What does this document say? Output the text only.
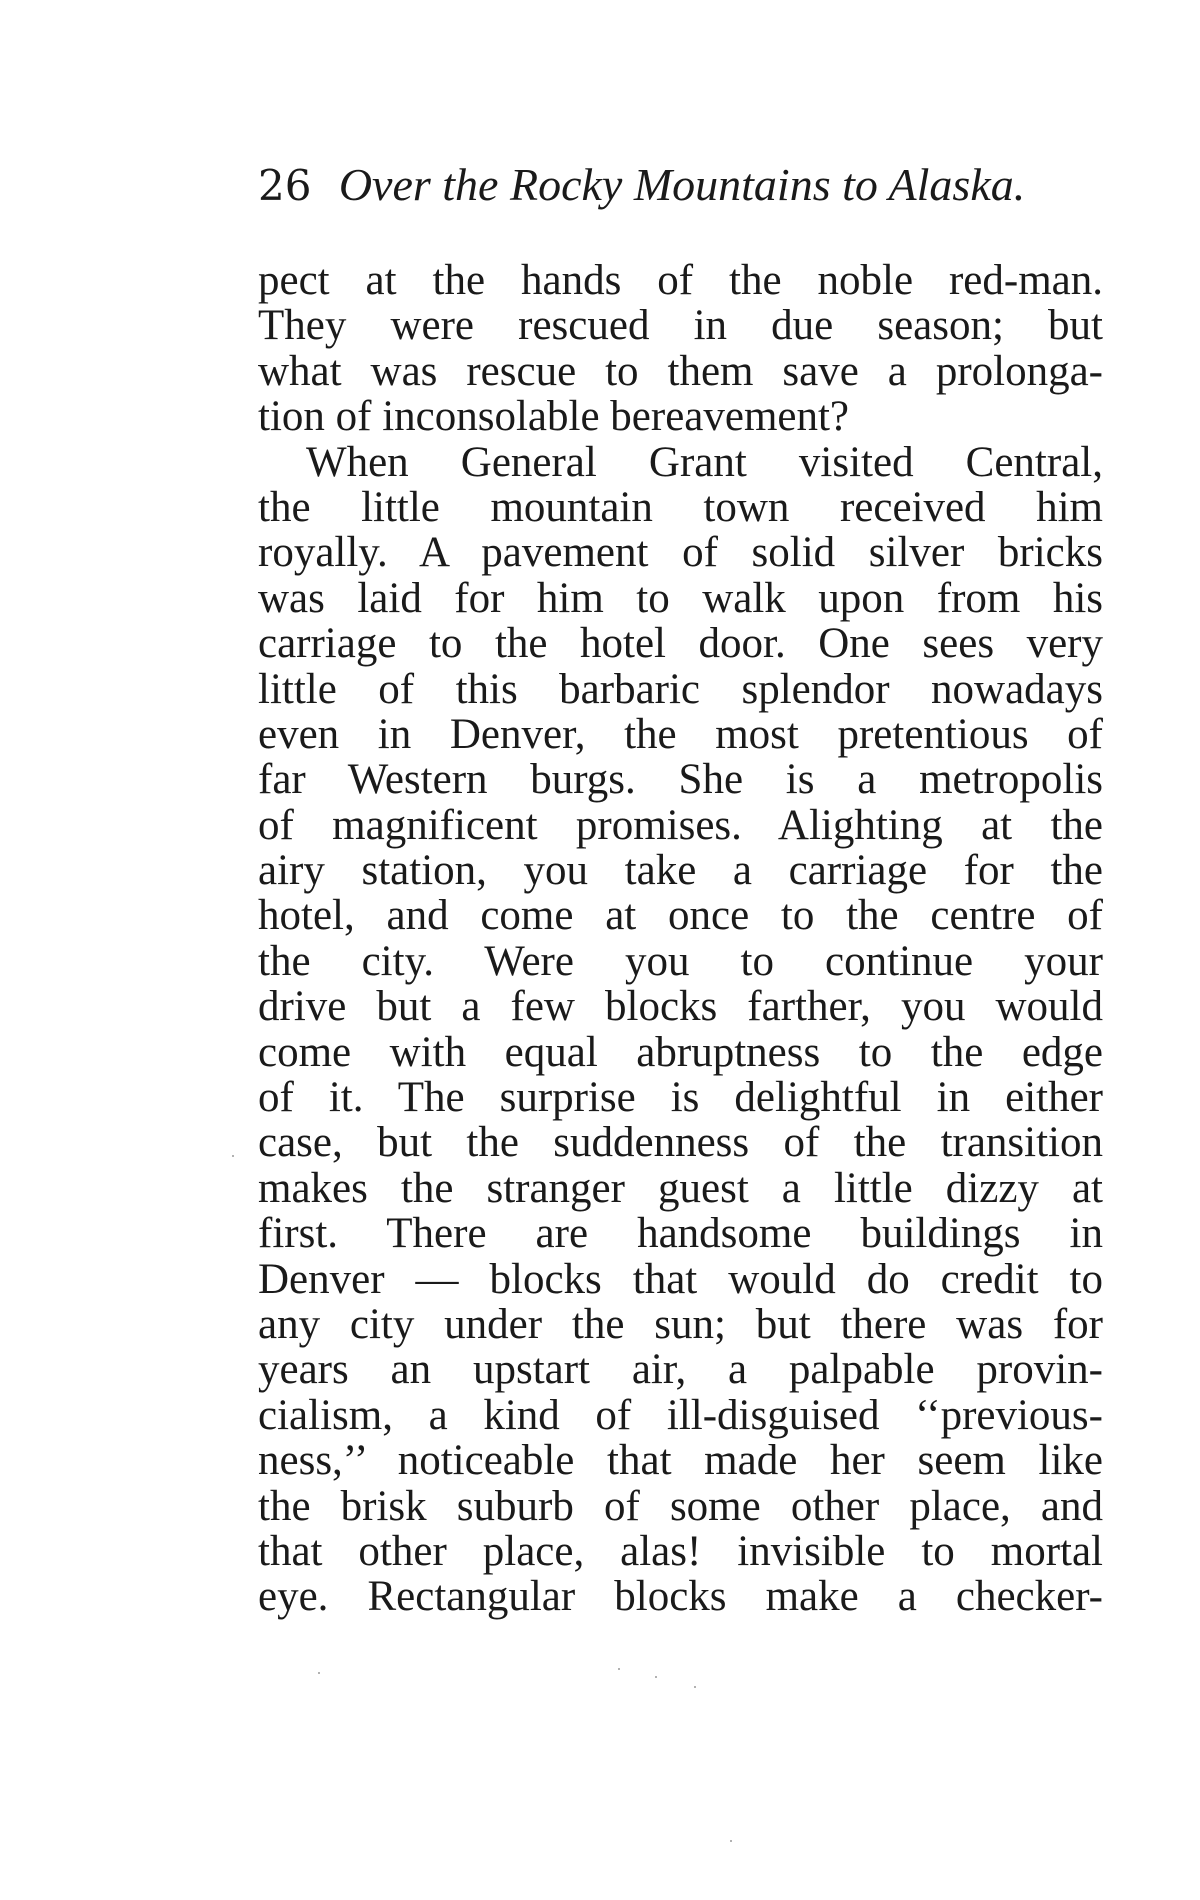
26 Over the Rocky Mountains to Alaska.
pect at the hands of the noble red-man.
They were rescued in due season; but
what was rescue to them save a prolonga-
tion of inconsolable bereavement?
When General Grant visited Central,
the little mountain town received him
royally. A pavement of solid silver bricks
was laid for him to walk upon from his
carriage to the hotel door. One sees very
little of this barbaric splendor nowadays
even in Denver, the most pretentious of
far Western burgs. She is a metropolis
of magnificent promises. Alighting at the
airy station, you take a carriage for the
hotel, and come at once to the centre of
the city. Were you to continue your
drive but a few blocks farther, you would
come with equal abruptness to the edge
of it. The surprise is delightful in either
case, but the suddenness of the transition
makes the stranger guest a little dizzy at
first. There are handsome buildings in
Denver — blocks that would do credit to
any city under the sun; but there was for
years an upstart air, a palpable provin-
cialism, a kind of ill-disguised ‘‘previous-
ness,’’ noticeable that made her seem like
the brisk suburb of some other place, and
that other place, alas! invisible to mortal
eye. Rectangular blocks make a checker-
